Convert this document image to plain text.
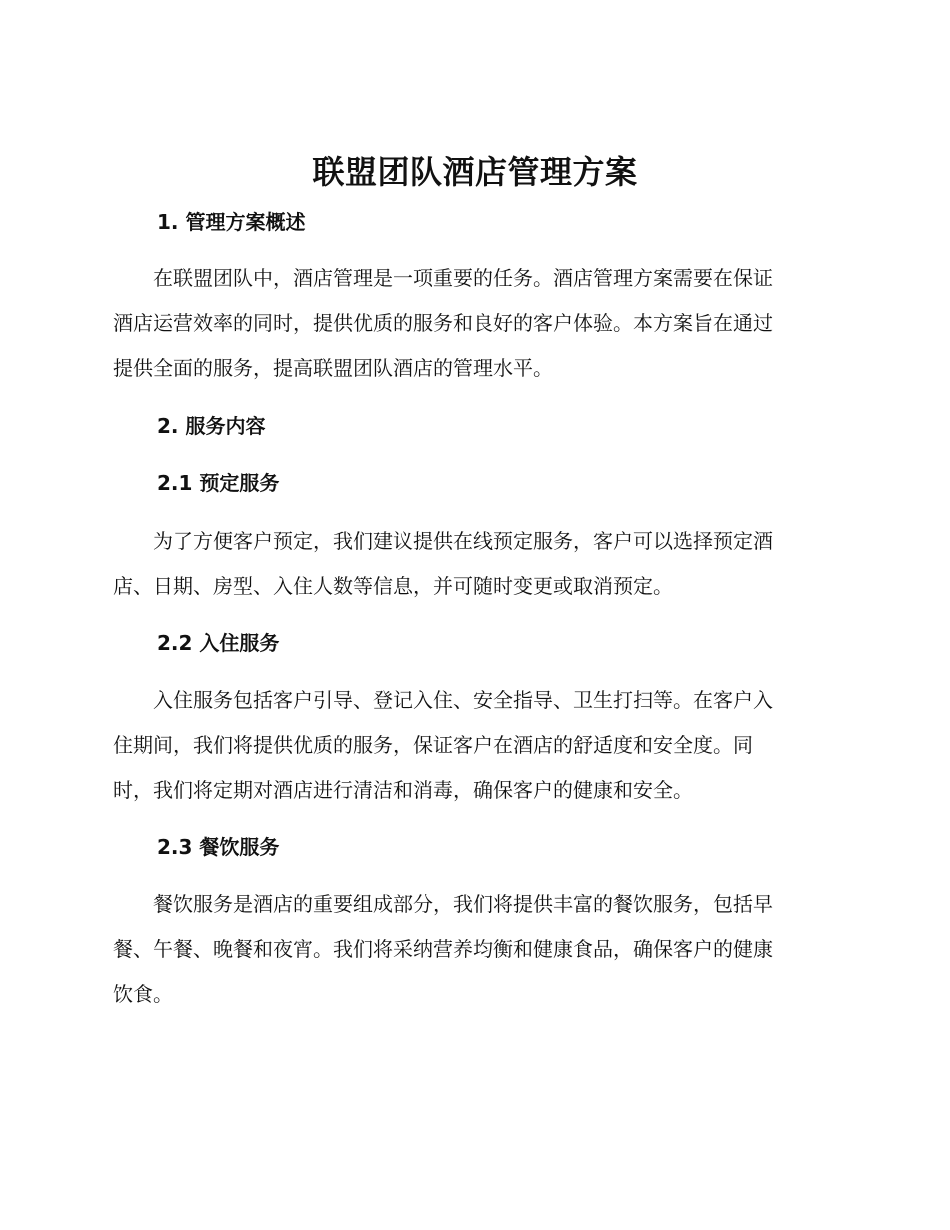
联盟团队酒店管理方案
1. 管理方案概述

在联盟团队中，酒店管理是一项重要的任务。酒店管理方案需要在保证
酒店运营效率的同时，提供优质的服务和良好的客户体验。本方案旨在通过
提供全面的服务，提高联盟团队酒店的管理水平。

2. 服务内容
2.1 预定服务

为了方便客户预定，我们建议提供在线预定服务，客户可以选择预定酒
店、日期、房型、入住人数等信息，并可随时变更或取消预定。

2.2 入住服务

入住服务包括客户引导、登记入住、安全指导、卫生打扫等。在客户入
住期间，我们将提供优质的服务，保证客户在酒店的舒适度和安全度。同
时，我们将定期对酒店进行清洁和消毒，确保客户的健康和安全。

2.3 餐饮服务

餐饮服务是酒店的重要组成部分，我们将提供丰富的餐饮服务，包括早
餐、午餐、晚餐和夜宵。我们将采纳营养均衡和健康食品，确保客户的健康
饮食。
